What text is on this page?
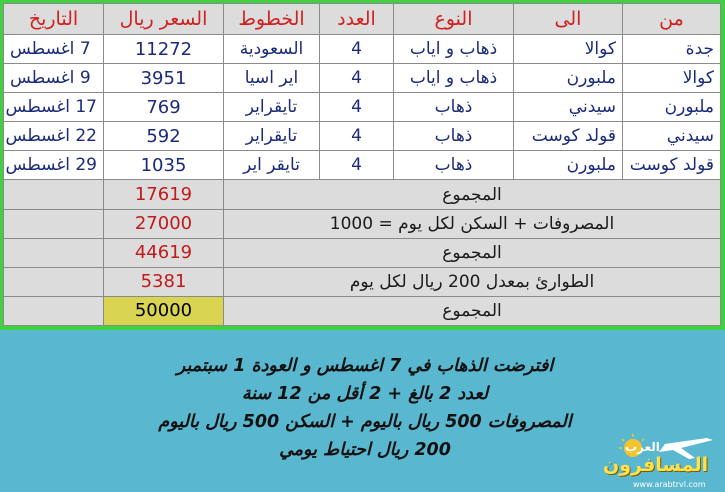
من	الى	النوع	العدد	الخطوط	السعر ريال	التاريخ
جدة	كوالا	ذهاب و اياب	4	السعودية	11272	7 اغسطس
كوالا	ملبورن	ذهاب و اياب	4	اير اسيا	3951	9 اغسطس
ملبورن	سيدني	ذهاب	4	تايقراير	769	17 اغسطس
سيدني	قولد كوست	ذهاب	4	تايقراير	592	22 اغسطس
قولد كوست	ملبورن	ذهاب	4	تايقر اير	1035	29 اغسطس
المجموع					17619	
المصروفات + السكن لكل يوم = 1000					27000	
المجموع					44619	
الطوارئ بمعدل 200 ريال لكل يوم					5381	
المجموع					50000	
افترضت الذهاب في 7 اغسطس و العودة 1 سبتمبر
لعدد 2 بالغ + 2 أقل من 12 سنة
المصروفات 500 ريال باليوم + السكن 500 ريال باليوم
200 ريال احتياط يومي	العرب
المسافرون
www.arabtrvl.com
